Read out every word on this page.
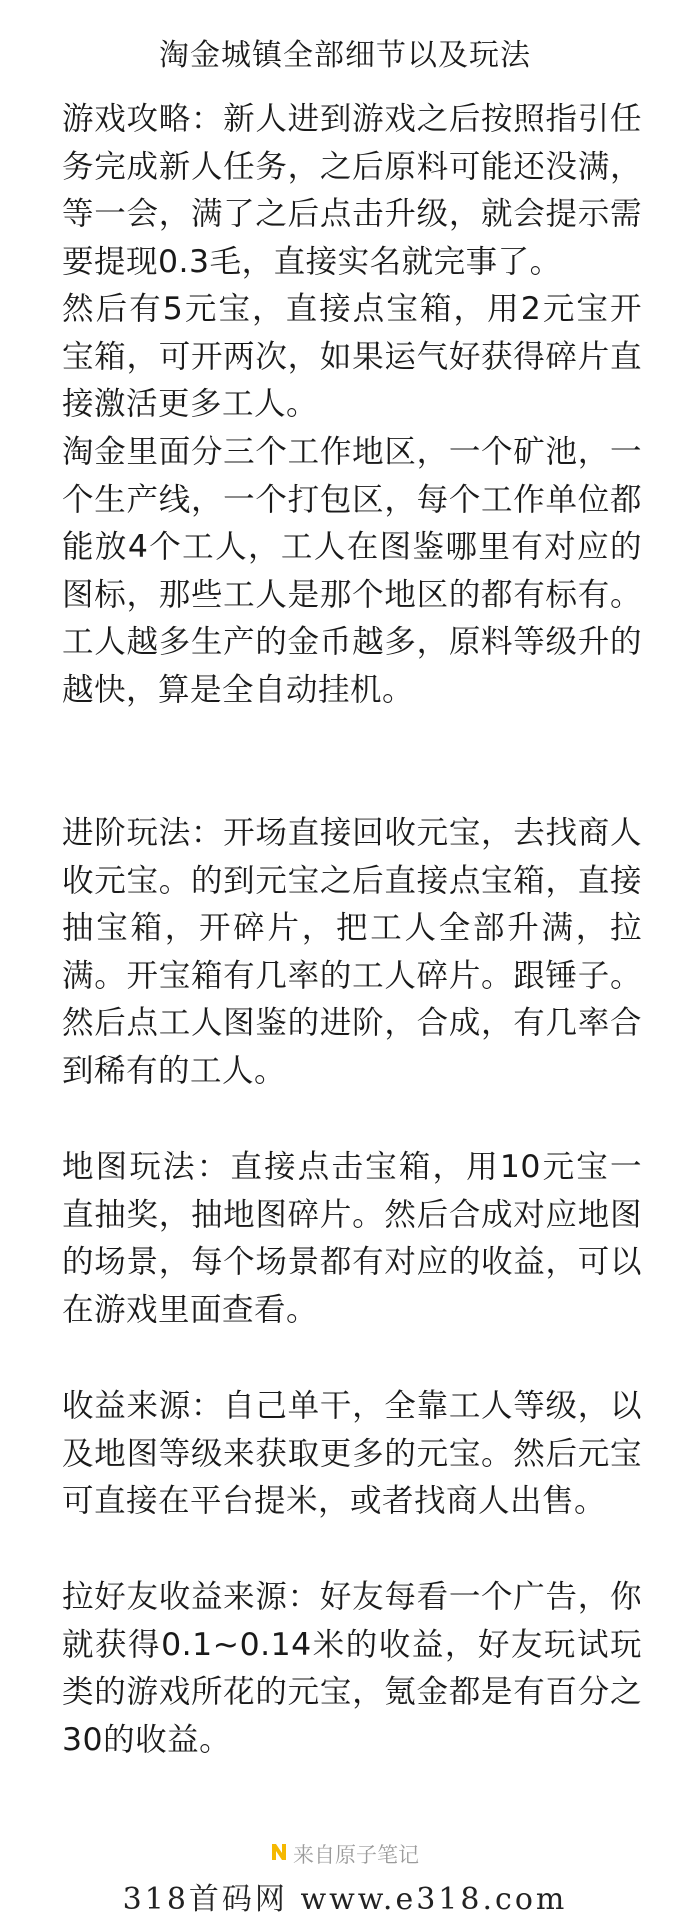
淘金城镇全部细节以及玩法

游戏攻略：新人进到游戏之后按照指引任务完成新人任务，之后原料可能还没满，等一会，满了之后点击升级，就会提示需要提现0.3毛，直接实名就完事了。

然后有5元宝，直接点宝箱，用2元宝开宝箱，可开两次，如果运气好获得碎片直接激活更多工人。

淘金里面分三个工作地区，一个矿池，一个生产线，一个打包区，每个工作单位都能放4个工人，工人在图鉴哪里有对应的图标，那些工人是那个地区的都有标有。工人越多生产的金币越多，原料等级升的越快，算是全自动挂机。

进阶玩法：开场直接回收元宝，去找商人收元宝。的到元宝之后直接点宝箱，直接抽宝箱，开碎片，把工人全部升满，拉满。开宝箱有几率的工人碎片。跟锤子。然后点工人图鉴的进阶，合成，有几率合到稀有的工人。

地图玩法：直接点击宝箱，用10元宝一直抽奖，抽地图碎片。然后合成对应地图的场景，每个场景都有对应的收益，可以在游戏里面查看。

收益来源：自己单干，全靠工人等级，以及地图等级来获取更多的元宝。然后元宝可直接在平台提米，或者找商人出售。

拉好友收益来源：好友每看一个广告，你就获得0.1~0.14米的收益，好友玩试玩类的游戏所花的元宝，氪金都是有百分之30的收益。

来自原子笔记
318首码网 www.e318.com
